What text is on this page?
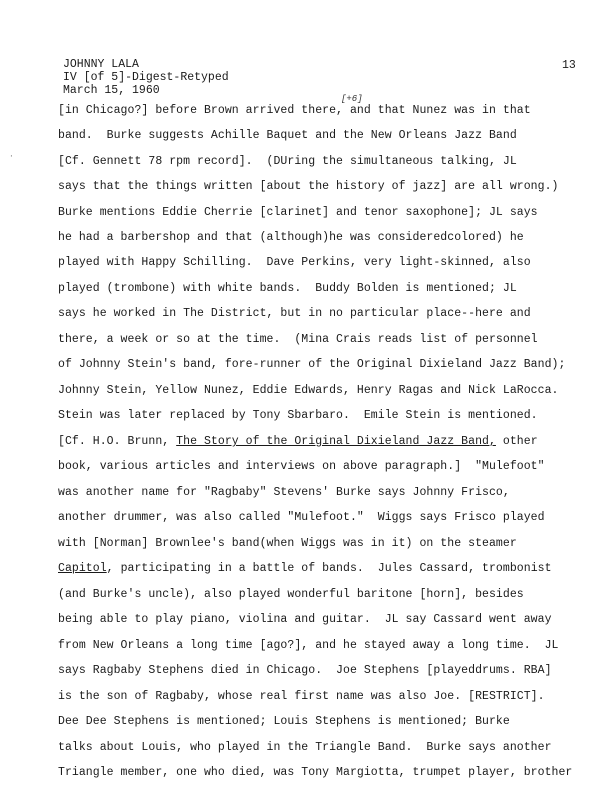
JOHNNY LALA
IV [of 5]-Digest-Retyped
March 15, 1960
13
[+6]
·
[in Chicago?] before Brown arrived there, and that Nunez was in that
band.  Burke suggests Achille Baquet and the New Orleans Jazz Band
[Cf. Gennett 78 rpm record].  (DUring the simultaneous talking, JL
says that the things written [about the history of jazz] are all wrong.)
Burke mentions Eddie Cherrie [clarinet] and tenor saxophone]; JL says
he had a barbershop and that (although)he was consideredcolored) he
played with Happy Schilling.  Dave Perkins, very light-skinned, also
played (trombone) with white bands.  Buddy Bolden is mentioned; JL
says he worked in The District, but in no particular place--here and
there, a week or so at the time.  (Mina Crais reads list of personnel
of Johnny Stein's band, fore-runner of the Original Dixieland Jazz Band);
Johnny Stein, Yellow Nunez, Eddie Edwards, Henry Ragas and Nick LaRocca.
Stein was later replaced by Tony Sbarbaro.  Emile Stein is mentioned.
[Cf. H.O. Brunn, The Story of the Original Dixieland Jazz Band, other
book, various articles and interviews on above paragraph.]  "Mulefoot"
was another name for "Ragbaby" Stevens' Burke says Johnny Frisco,
another drummer, was also called "Mulefoot."  Wiggs says Frisco played
with [Norman] Brownlee's band(when Wiggs was in it) on the steamer
Capitol, participating in a battle of bands.  Jules Cassard, trombonist
(and Burke's uncle), also played wonderful baritone [horn], besides
being able to play piano, violina and guitar.  JL say Cassard went away
from New Orleans a long time [ago?], and he stayed away a long time.  JL
says Ragbaby Stephens died in Chicago.  Joe Stephens [playeddrums. RBA]
is the son of Ragbaby, whose real first name was also Joe. [RESTRICT].
Dee Dee Stephens is mentioned; Louis Stephens is mentioned; Burke
talks about Louis, who played in the Triangle Band.  Burke says another
Triangle member, one who died, was Tony Margiotta, trumpet player, brother
